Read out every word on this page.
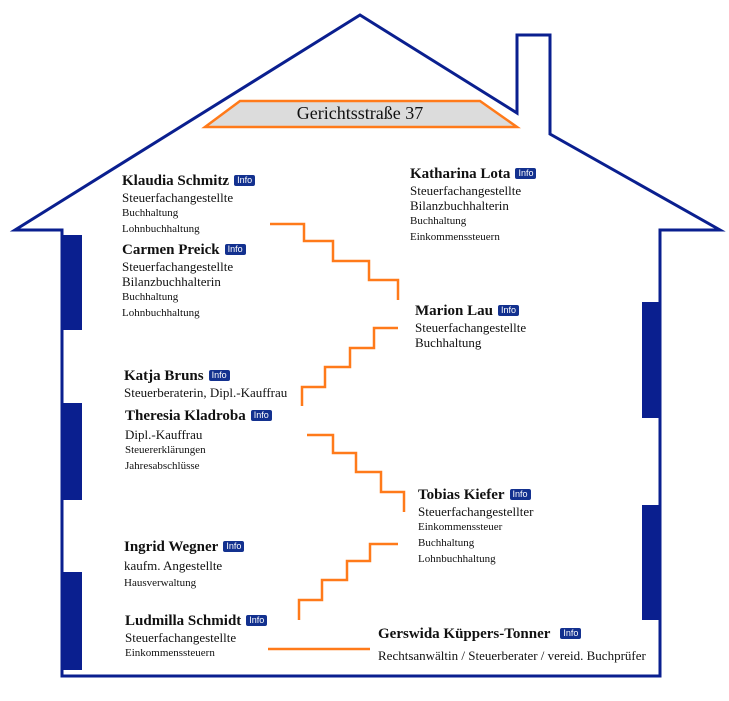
Gerichtsstraße 37
Klaudia Schmitz Info
Steuerfachangestellte
Buchhaltung
Lohnbuchhaltung
Katharina Lota Info
Steuerfachangestellte
Bilanzbuchhalterin
Buchhaltung
Einkommenssteuern
Carmen Preick Info
Steuerfachangestellte
Bilanzbuchhalterin
Buchhaltung
Lohnbuchhaltung	Marion Lau Info
Steuerfachangestellte
Buchhaltung
Katja Bruns Info
Steuerberaterin, Dipl.-Kauffrau
Theresia Kladroba Info
Dipl.-Kauffrau
Steuererklärungen
Jahresabschlüsse
Tobias Kiefer Info
Steuerfachangestellter
Einkommenssteuer
Buchhaltung
Lohnbuchhaltung
Ingrid Wegner Info
kaufm. Angestellte
Hausverwaltung
Ludmilla Schmidt Info
Steuerfachangestellte
Einkommenssteuern
Gerswida Küppers-Tonner Info
Rechtsanwältin / Steuerberater / vereid. Buchprüfer
